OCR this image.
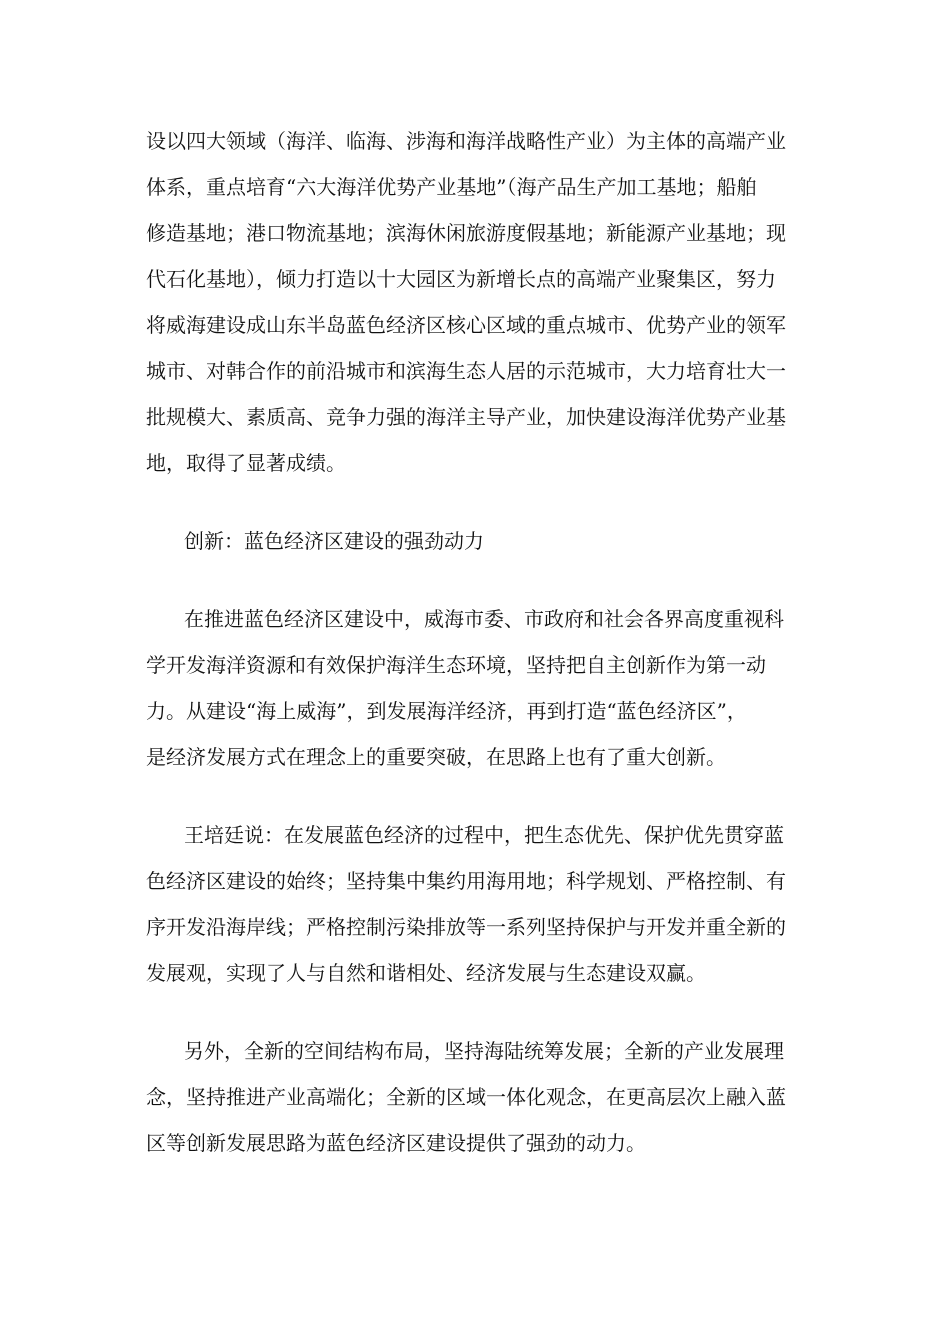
设以四大领域（海洋、临海、涉海和海洋战略性产业）为主体的高端产业
体系，重点培育“六大海洋优势产业基地”（海产品生产加工基地；船舶
修造基地；港口物流基地；滨海休闲旅游度假基地；新能源产业基地；现
代石化基地），倾力打造以十大园区为新增长点的高端产业聚集区，努力
将威海建设成山东半岛蓝色经济区核心区域的重点城市、优势产业的领军
城市、对韩合作的前沿城市和滨海生态人居的示范城市，大力培育壮大一
批规模大、素质高、竞争力强的海洋主导产业，加快建设海洋优势产业基
地，取得了显著成绩。
创新：蓝色经济区建设的强劲动力
在推进蓝色经济区建设中，威海市委、市政府和社会各界高度重视科
学开发海洋资源和有效保护海洋生态环境，坚持把自主创新作为第一动
力。从建设“海上威海”，到发展海洋经济，再到打造“蓝色经济区”，
是经济发展方式在理念上的重要突破，在思路上也有了重大创新。
王培廷说：在发展蓝色经济的过程中，把生态优先、保护优先贯穿蓝
色经济区建设的始终；坚持集中集约用海用地；科学规划、严格控制、有
序开发沿海岸线；严格控制污染排放等一系列坚持保护与开发并重全新的
发展观，实现了人与自然和谐相处、经济发展与生态建设双赢。
另外，全新的空间结构布局，坚持海陆统筹发展；全新的产业发展理
念，坚持推进产业高端化；全新的区域一体化观念，在更高层次上融入蓝
区等创新发展思路为蓝色经济区建设提供了强劲的动力。
